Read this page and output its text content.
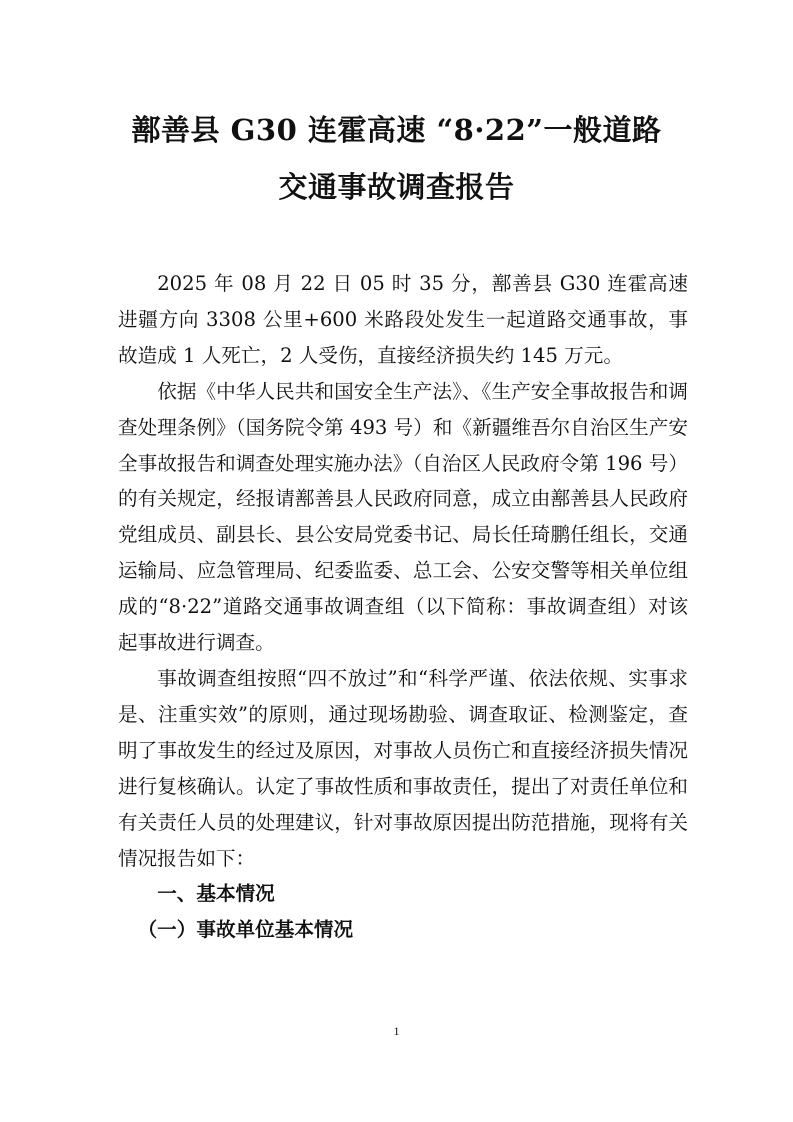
鄯善县 G30 连霍高速 “8·22”一般道路
交通事故调查报告

2025 年 08 月 22 日 05 时 35 分，鄯善县 G30 连霍高速进疆方向 3308 公里+600 米路段处发生一起道路交通事故，事故造成 1 人死亡，2 人受伤，直接经济损失约 145 万元。

依据《中华人民共和国安全生产法》、《生产安全事故报告和调查处理条例》（国务院令第 493 号）和《新疆维吾尔自治区生产安全事故报告和调查处理实施办法》（自治区人民政府令第 196 号）的有关规定，经报请鄯善县人民政府同意，成立由鄯善县人民政府党组成员、副县长、县公安局党委书记、局长任琦鹏任组长，交通运输局、应急管理局、纪委监委、总工会、公安交警等相关单位组成的“8·22”道路交通事故调查组（以下简称：事故调查组）对该起事故进行调查。

事故调查组按照“四不放过”和“科学严谨、依法依规、实事求是、注重实效”的原则，通过现场勘验、调查取证、检测鉴定，查明了事故发生的经过及原因，对事故人员伤亡和直接经济损失情况进行复核确认。认定了事故性质和事故责任，提出了对责任单位和有关责任人员的处理建议，针对事故原因提出防范措施，现将有关情况报告如下：

一、基本情况

（一）事故单位基本情况

1
